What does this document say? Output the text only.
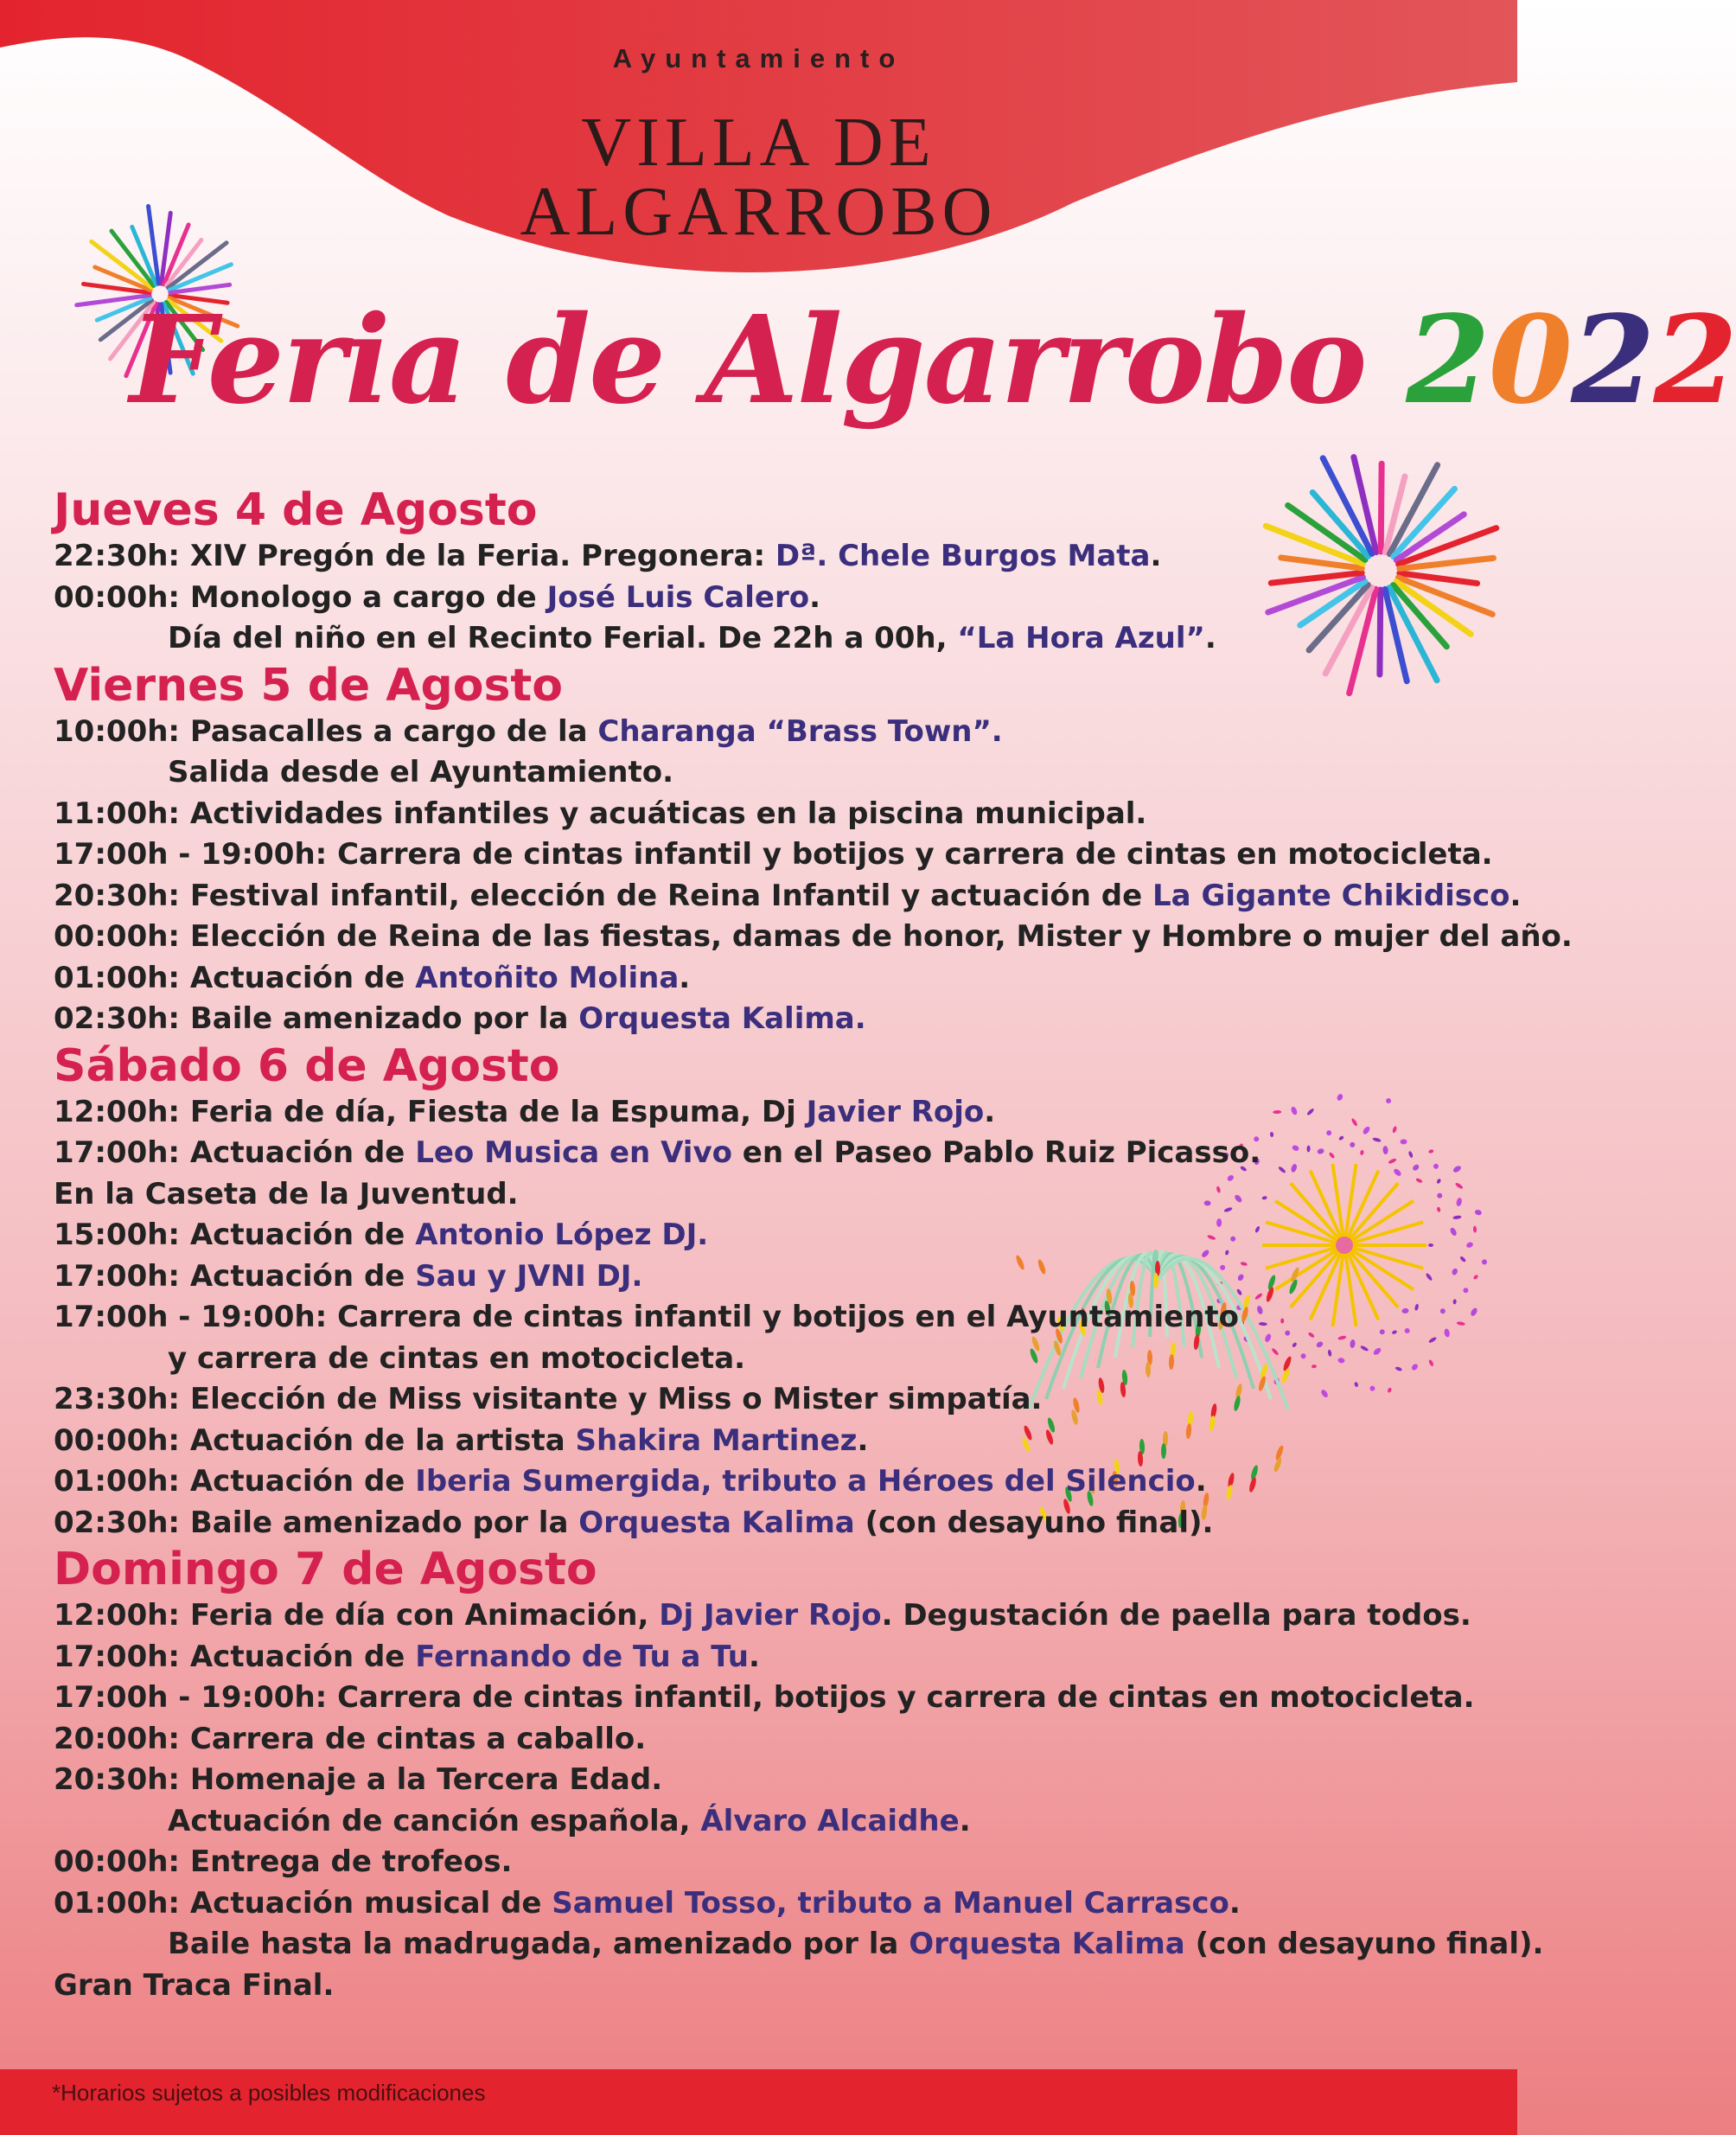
Ayuntamiento
VILLA DE
ALGARROBO
Feria de Algarrobo 2022
Jueves 4 de Agosto
22:30h: XIV Pregón de la Feria. Pregonera: Dª. Chele Burgos Mata.
00:00h: Monologo a cargo de José Luis Calero.
Día del niño en el Recinto Ferial. De 22h a 00h, “La Hora Azul”.
Viernes 5 de Agosto
10:00h: Pasacalles a cargo de la Charanga “Brass Town”.
Salida desde el Ayuntamiento.
11:00h: Actividades infantiles y acuáticas en la piscina municipal.
17:00h - 19:00h: Carrera de cintas infantil y botijos y carrera de cintas en motocicleta.
20:30h: Festival infantil, elección de Reina Infantil y actuación de La Gigante Chikidisco.
00:00h: Elección de Reina de las fiestas, damas de honor, Mister y Hombre o mujer del año.
01:00h: Actuación de Antoñito Molina.
02:30h: Baile amenizado por la Orquesta Kalima.
Sábado 6 de Agosto
12:00h: Feria de día, Fiesta de la Espuma, Dj Javier Rojo.
17:00h: Actuación de Leo Musica en Vivo en el Paseo Pablo Ruiz Picasso.
En la Caseta de la Juventud.
15:00h: Actuación de Antonio López DJ.
17:00h: Actuación de Sau y JVNI DJ.
17:00h - 19:00h: Carrera de cintas infantil y botijos en el Ayuntamiento
y carrera de cintas en motocicleta.
23:30h: Elección de Miss visitante y Miss o Mister simpatía.
00:00h: Actuación de la artista Shakira Martinez.
01:00h: Actuación de Iberia Sumergida, tributo a Héroes del Silencio.
02:30h: Baile amenizado por la Orquesta Kalima (con desayuno final).
Domingo 7 de Agosto
12:00h: Feria de día con Animación, Dj Javier Rojo. Degustación de paella para todos.
17:00h: Actuación de Fernando de Tu a Tu.
17:00h - 19:00h: Carrera de cintas infantil, botijos y carrera de cintas en motocicleta.
20:00h: Carrera de cintas a caballo.
20:30h: Homenaje a la Tercera Edad.
Actuación de canción española, Álvaro Alcaidhe.
00:00h: Entrega de trofeos.
01:00h: Actuación musical de Samuel Tosso, tributo a Manuel Carrasco.
Baile hasta la madrugada, amenizado por la Orquesta Kalima (con desayuno final).
Gran Traca Final.
*Horarios sujetos a posibles modificaciones
